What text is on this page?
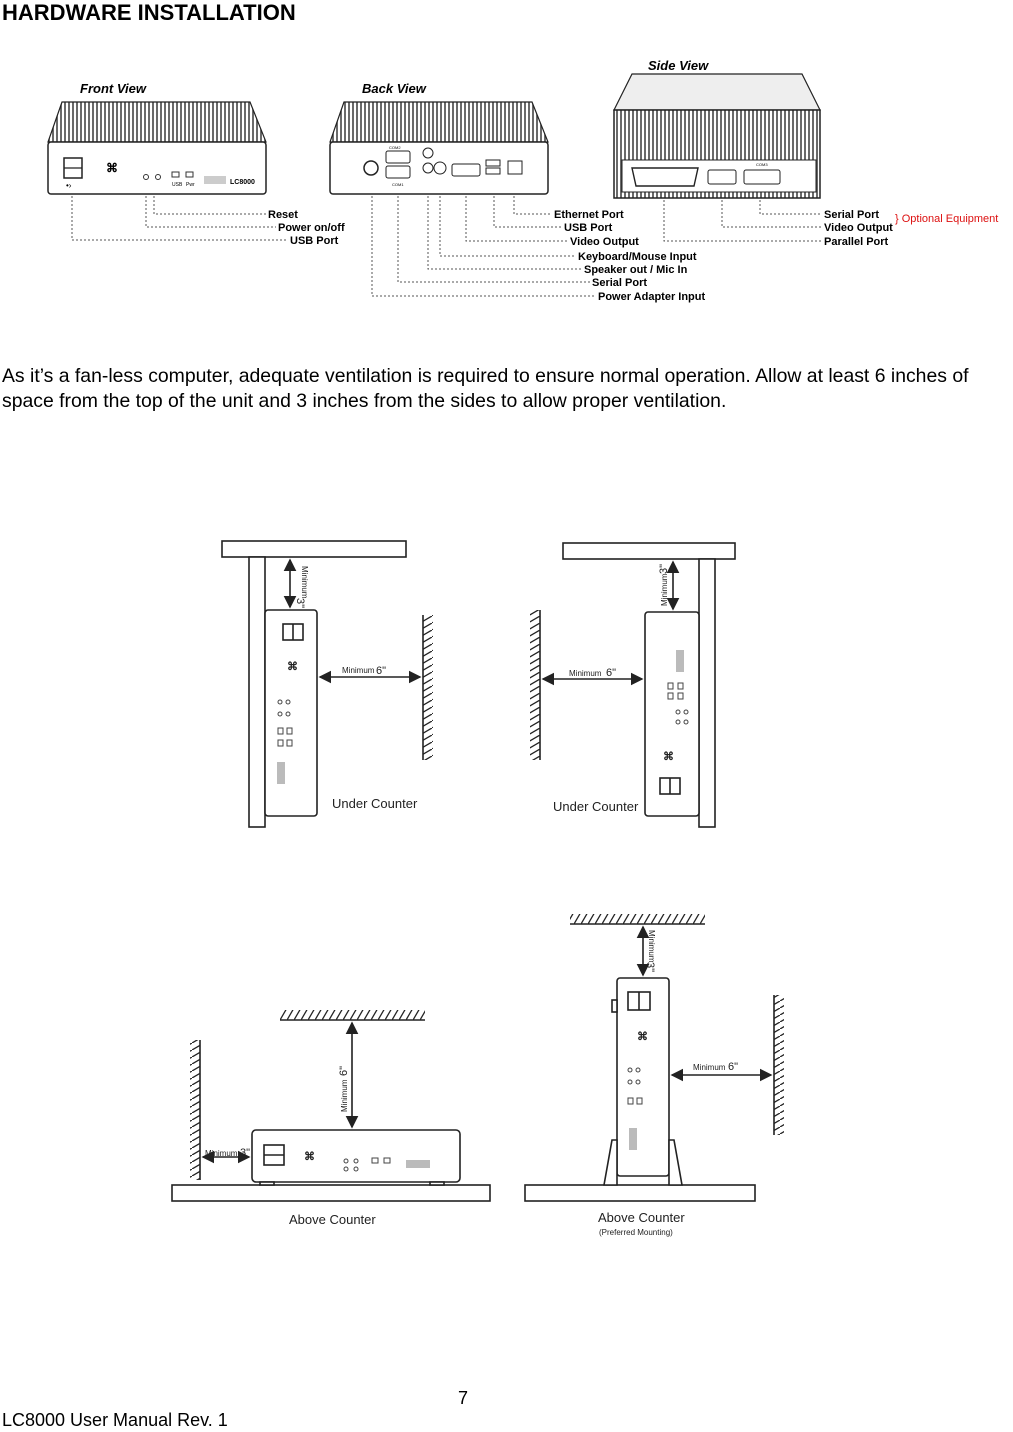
HARDWARE INSTALLATION
Front View	Back View
Side View
•›
⌘
USB Pwr	LC8000
COM2
COM1
COM3
Reset
Power on/off
USB Port
Ethernet Port
USB Port
Video Output
Keyboard/Mouse Input
Speaker out / Mic In
Serial Port
Power Adapter Input
Serial Port
Video Output
Parallel Port
} Optional Equipment

As it’s a fan-less computer, adequate ventilation is required to ensure normal operation. Allow at least 6 inches of space from the top of the unit and 3 inches from the sides to allow proper ventilation.

⌘
⌘
⌘
⌘
Minimum
3"
Minimum 6"
Minimum
3"
Minimum 6"
Minimum
6"
Minimum 3"
Minimum
3"
Minimum 6"
Under Counter	Under Counter
Above Counter	Above Counter
(Preferred Mounting)
7
LC8000 User Manual Rev. 1
